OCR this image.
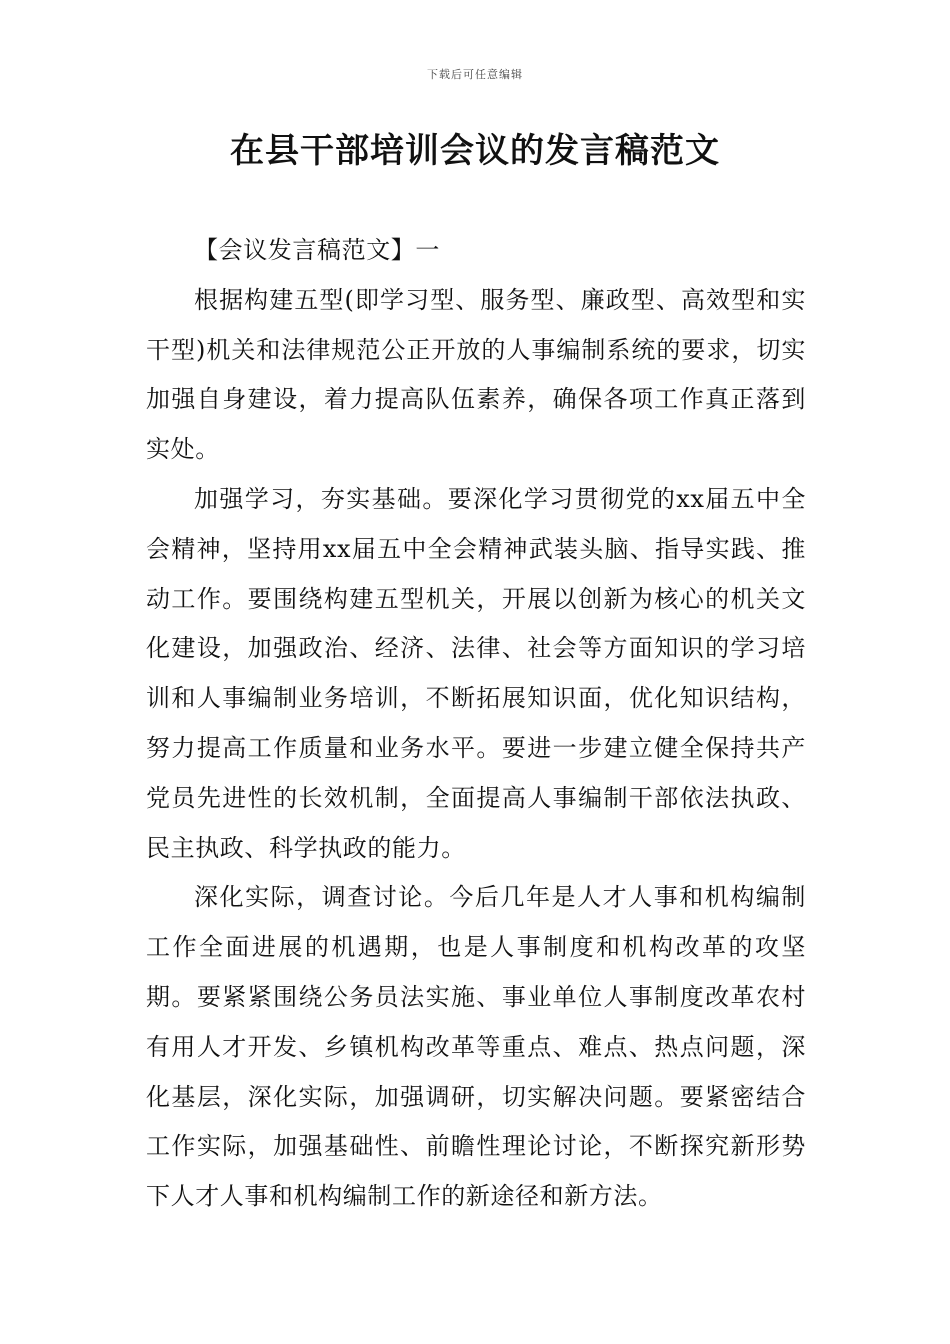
下载后可任意编辑
在县干部培训会议的发言稿范文

【会议发言稿范文】一

根据构建五型(即学习型、服务型、廉政型、高效型和实干型)机关和法律规范公正开放的人事编制系统的要求，切实加强自身建设，着力提高队伍素养，确保各项工作真正落到实处。

加强学习，夯实基础。要深化学习贯彻党的xx届五中全会精神，坚持用xx届五中全会精神武装头脑、指导实践、推动工作。要围绕构建五型机关，开展以创新为核心的机关文化建设，加强政治、经济、法律、社会等方面知识的学习培训和人事编制业务培训，不断拓展知识面，优化知识结构，努力提高工作质量和业务水平。要进一步建立健全保持共产党员先进性的长效机制，全面提高人事编制干部依法执政、民主执政、科学执政的能力。

深化实际，调查讨论。今后几年是人才人事和机构编制工作全面进展的机遇期，也是人事制度和机构改革的攻坚期。要紧紧围绕公务员法实施、事业单位人事制度改革农村有用人才开发、乡镇机构改革等重点、难点、热点问题，深化基层，深化实际，加强调研，切实解决问题。要紧密结合工作实际，加强基础性、前瞻性理论讨论，不断探究新形势下人才人事和机构编制工作的新途径和新方法。
